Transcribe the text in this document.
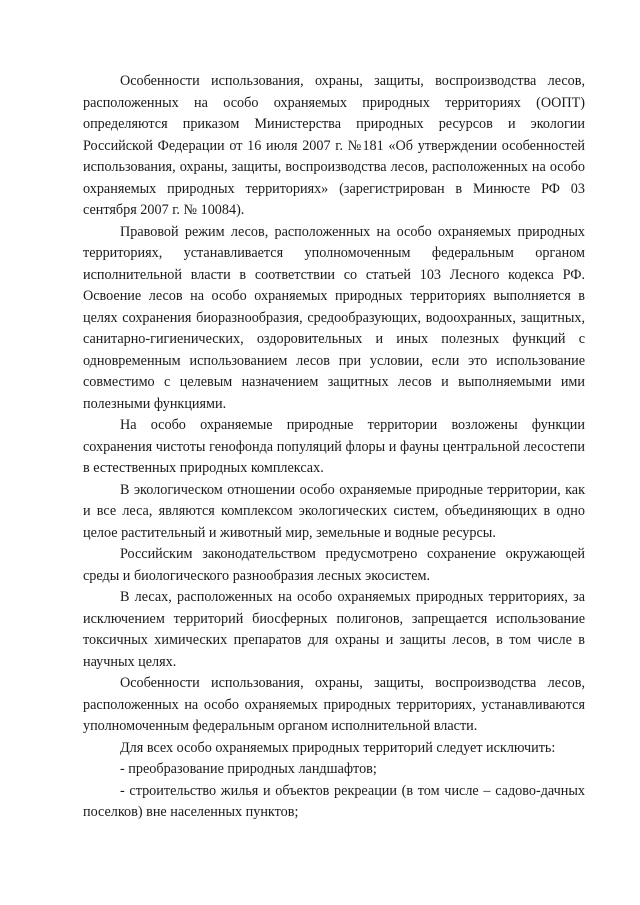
Особенности использования, охраны, защиты, воспроизводства лесов, расположенных на особо охраняемых природных территориях (ООПТ) определяются приказом Министерства природных ресурсов и экологии Российской Федерации от 16 июля 2007 г. №181 «Об утверждении особенностей использования, охраны, защиты, воспроизводства лесов, расположенных на особо охраняемых природных территориях» (зарегистрирован в Минюсте РФ 03 сентября 2007 г. № 10084).

Правовой режим лесов, расположенных на особо охраняемых природных территориях, устанавливается уполномоченным федеральным органом исполнительной власти в соответствии со статьей 103 Лесного кодекса РФ. Освоение лесов на особо охраняемых природных территориях выполняется в целях сохранения биоразнообразия, средообразующих, водоохранных, защитных, санитарно-гигиенических, оздоровительных и иных полезных функций с одновременным использованием лесов при условии, если это использование совместимо с целевым назначением защитных лесов и выполняемыми ими полезными функциями.

На особо охраняемые природные территории возложены функции сохранения чистоты генофонда популяций флоры и фауны центральной лесостепи в естественных природных комплексах.

В экологическом отношении особо охраняемые природные территории, как и все леса, являются комплексом экологических систем, объединяющих в одно целое растительный и животный мир, земельные и водные ресурсы.

Российским законодательством предусмотрено сохранение окружающей среды и биологического разнообразия лесных экосистем.

В лесах, расположенных на особо охраняемых природных территориях, за исключением территорий биосферных полигонов, запрещается использование токсичных химических препаратов для охраны и защиты лесов, в том числе в научных целях.

Особенности использования, охраны, защиты, воспроизводства лесов, расположенных на особо охраняемых природных территориях, устанавливаются уполномоченным федеральным органом исполнительной власти.

Для всех особо охраняемых природных территорий следует исключить:

- преобразование природных ландшафтов;

- строительство жилья и объектов рекреации (в том числе – садово-дачных поселков) вне населенных пунктов;
